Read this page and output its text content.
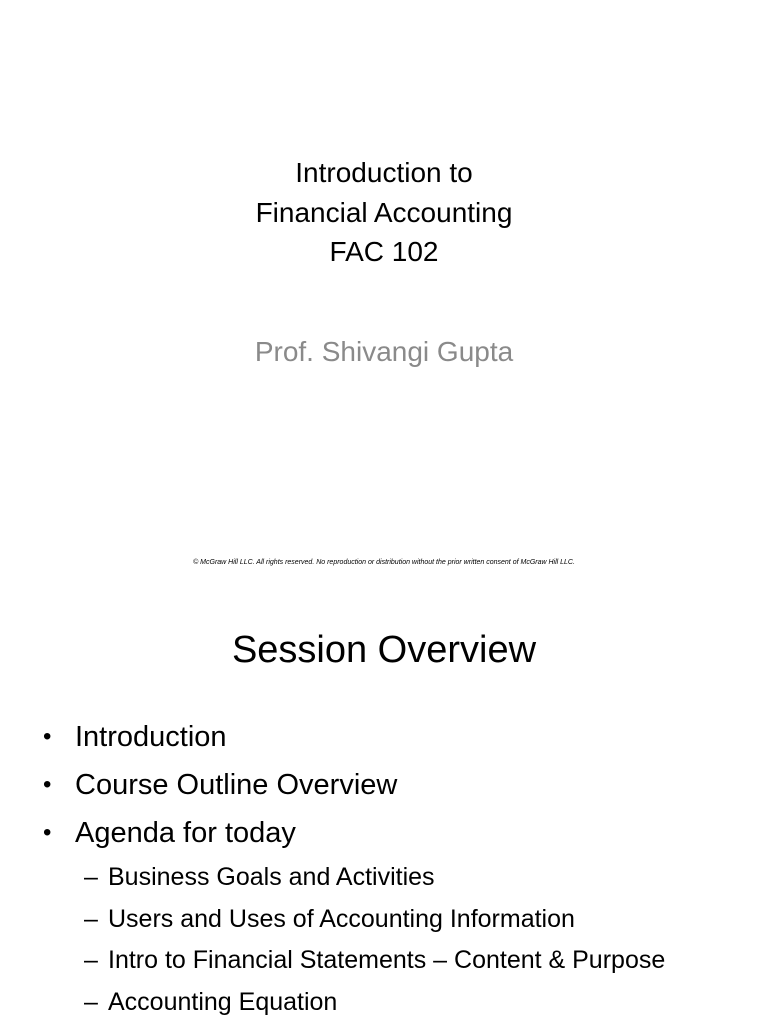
Introduction to
Financial Accounting
FAC 102
Prof. Shivangi Gupta
© McGraw Hill LLC. All rights reserved. No reproduction or distribution without the prior written consent of McGraw Hill LLC.
Session Overview
• Introduction
• Course Outline Overview
• Agenda for today
– Business Goals and Activities
– Users and Uses of Accounting Information
– Intro to Financial Statements – Content & Purpose
– Accounting Equation
